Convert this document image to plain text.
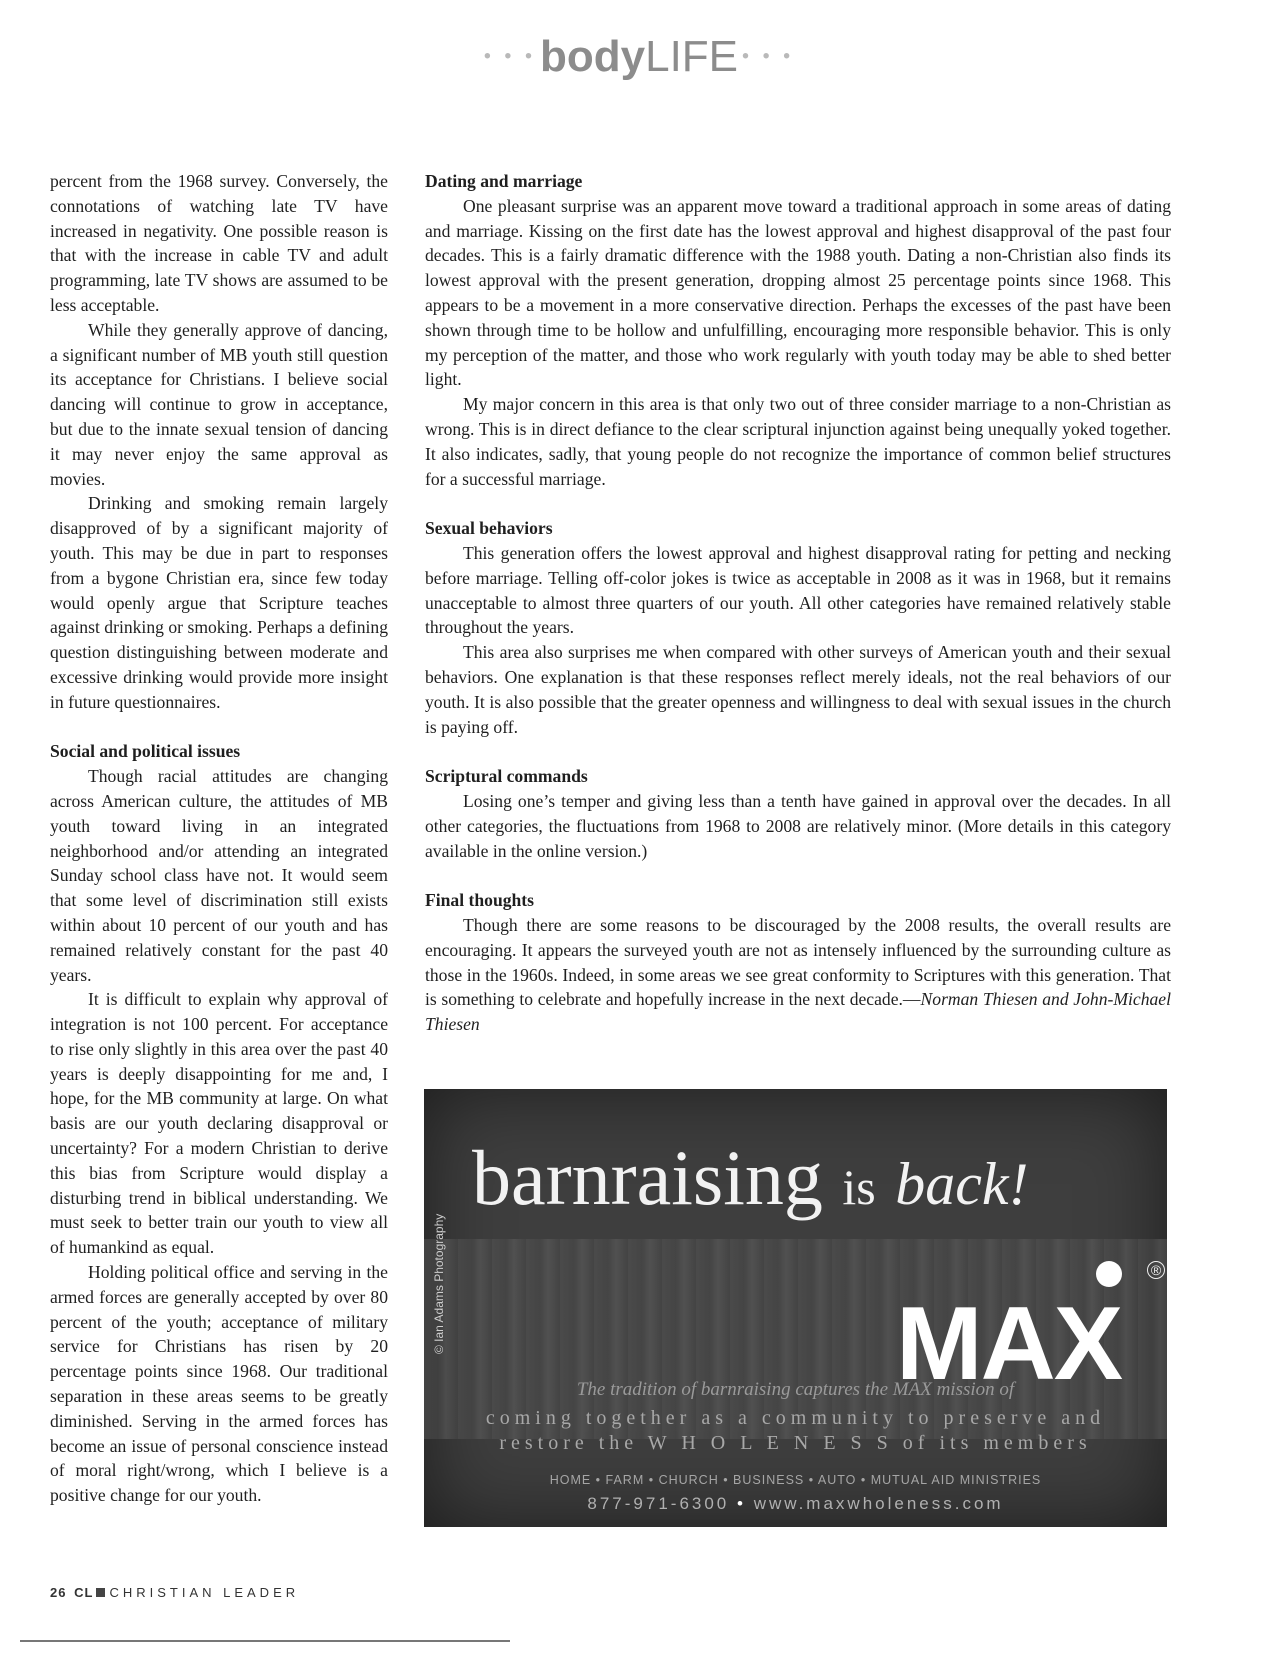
• • • bodyLIFE • • •

percent from the 1968 survey. Conversely, the connotations of watching late TV have increased in negativity. One possible reason is that with the increase in cable TV and adult programming, late TV shows are assumed to be less acceptable.

While they generally approve of dancing, a significant number of MB youth still question its acceptance for Christians. I believe social dancing will continue to grow in acceptance, but due to the innate sexual tension of dancing it may never enjoy the same approval as movies.

Drinking and smoking remain largely disapproved of by a significant majority of youth. This may be due in part to responses from a bygone Christian era, since few today would openly argue that Scripture teaches against drinking or smoking. Perhaps a defining question distinguishing between moderate and excessive drinking would provide more insight in future questionnaires.

Social and political issues

Though racial attitudes are changing across American culture, the attitudes of MB youth toward living in an integrated neighborhood and/or attending an integrated Sunday school class have not. It would seem that some level of discrimination still exists within about 10 percent of our youth and has remained relatively constant for the past 40 years.

It is difficult to explain why approval of integration is not 100 percent. For acceptance to rise only slightly in this area over the past 40 years is deeply disappointing for me and, I hope, for the MB community at large. On what basis are our youth declaring disapproval or uncertainty? For a modern Christian to derive this bias from Scripture would display a disturbing trend in biblical understanding. We must seek to better train our youth to view all of humankind as equal.

Holding political office and serving in the armed forces are generally accepted by over 80 percent of the youth; acceptance of military service for Christians has risen by 20 percentage points since 1968. Our traditional separation in these areas seems to be greatly diminished. Serving in the armed forces has become an issue of personal conscience instead of moral right/wrong, which I believe is a positive change for our youth.

Dating and marriage

One pleasant surprise was an apparent move toward a traditional approach in some areas of dating and marriage. Kissing on the first date has the lowest approval and highest disapproval of the past four decades. This is a fairly dramatic difference with the 1988 youth. Dating a non-Christian also finds its lowest approval with the present generation, dropping almost 25 percentage points since 1968. This appears to be a movement in a more conservative direction. Perhaps the excesses of the past have been shown through time to be hollow and unfulfilling, encouraging more responsible behavior. This is only my perception of the matter, and those who work regularly with youth today may be able to shed better light.

My major concern in this area is that only two out of three consider marriage to a non-Christian as wrong. This is in direct defiance to the clear scriptural injunction against being unequally yoked together. It also indicates, sadly, that young people do not recognize the importance of common belief structures for a successful marriage.

Sexual behaviors

This generation offers the lowest approval and highest disapproval rating for petting and necking before marriage. Telling off-color jokes is twice as acceptable in 2008 as it was in 1968, but it remains unacceptable to almost three quarters of our youth. All other categories have remained relatively stable throughout the years.

This area also surprises me when compared with other surveys of American youth and their sexual behaviors. One explanation is that these responses reflect merely ideals, not the real behaviors of our youth. It is also possible that the greater openness and willingness to deal with sexual issues in the church is paying off.

Scriptural commands

Losing one’s temper and giving less than a tenth have gained in approval over the decades. In all other categories, the fluctuations from 1968 to 2008 are relatively minor. (More details in this category available in the online version.)

Final thoughts

Though there are some reasons to be discouraged by the 2008 results, the overall results are encouraging. It appears the surveyed youth are not as intensely influenced by the surrounding culture as those in the 1960s. Indeed, in some areas we see great conformity to Scriptures with this generation. That is something to celebrate and hopefully increase in the next decade.—Norman Thiesen and John-Michael Thiesen

© Ian Adams Photography
barnraising is back!
MAX
®
The tradition of barnraising captures the MAX mission of
coming together as a community to preserve and
restore the W H O L E N E S S of its members
HOME • FARM • CHURCH • BUSINESS • AUTO • MUTUAL AID MINISTRIES
877-971-6300 • www.maxwholeness.com
26 CL CHRISTIAN LEADER
